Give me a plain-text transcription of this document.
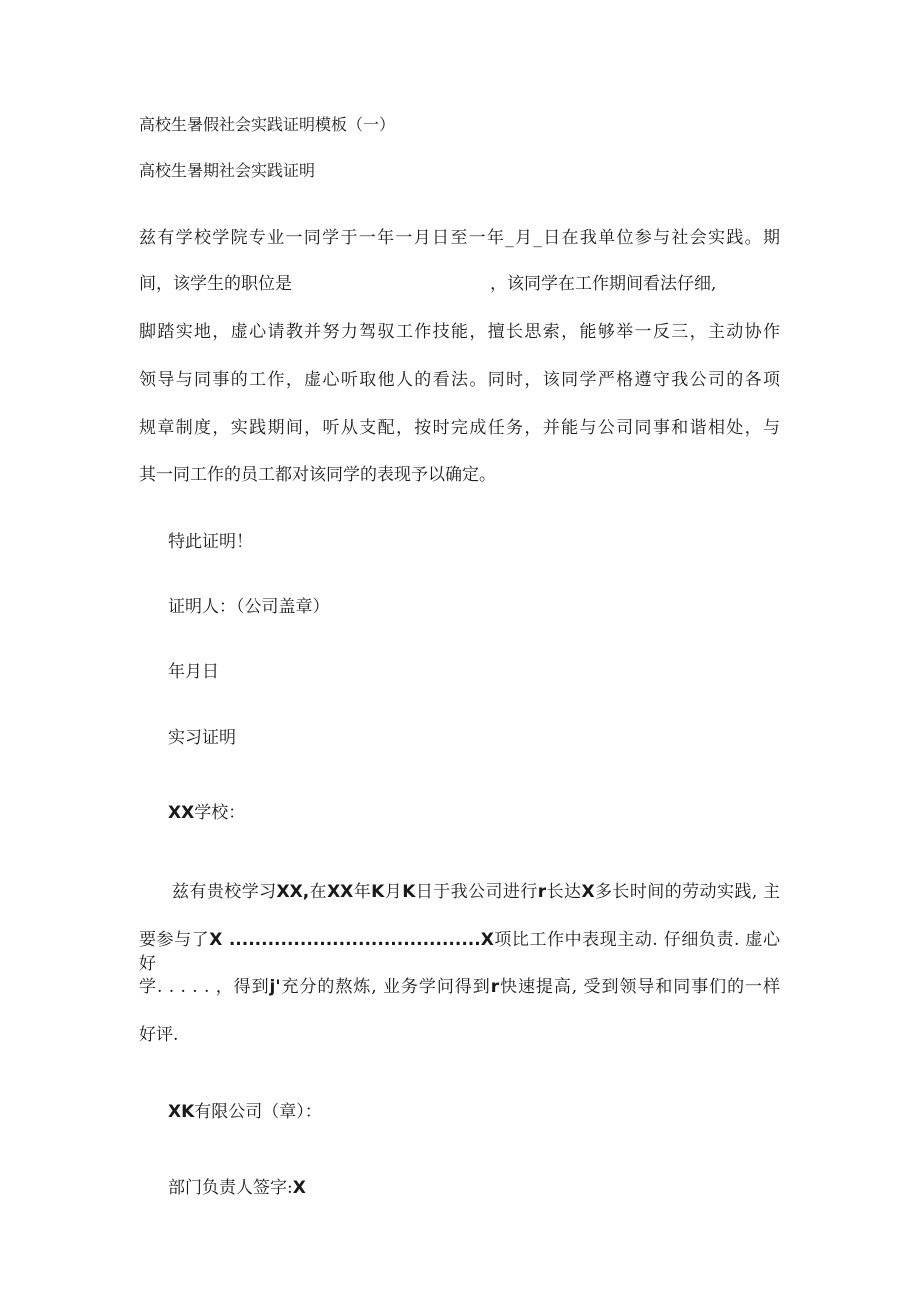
高校生暑假社会实践证明模板（一）
高校生暑期社会实践证明
兹有学校学院专业一同学于一年一月日至一年_月_日在我单位参与社会实践。期
间，该学生的职位是	，该同学在工作期间看法仔细,
脚踏实地，虚心请教并努力驾驭工作技能，擅长思索，能够举一反三，主动协作
领导与同事的工作，虚心听取他人的看法。同时，该同学严格遵守我公司的各项
规章制度，实践期间，听从支配，按时完成任务，并能与公司同事和谐相处，与
其一同工作的员工都对该同学的表现予以确定。
特此证明！
证明人：（公司盖章）
年月日
实习证明
XX学校：
兹有贵校学习XX,在XX年K月K日于我公司进行r长达X多长时间的劳动实践, 主
要参与了X .......................................X项比工作中表现主动. 仔细负责. 虚心好
学. . . . . ，得到j'充分的熬炼, 业务学问得到r快速提高, 受到领导和同事们的一样
好评.
XK有限公司（章）：
部门负责人签字:X
